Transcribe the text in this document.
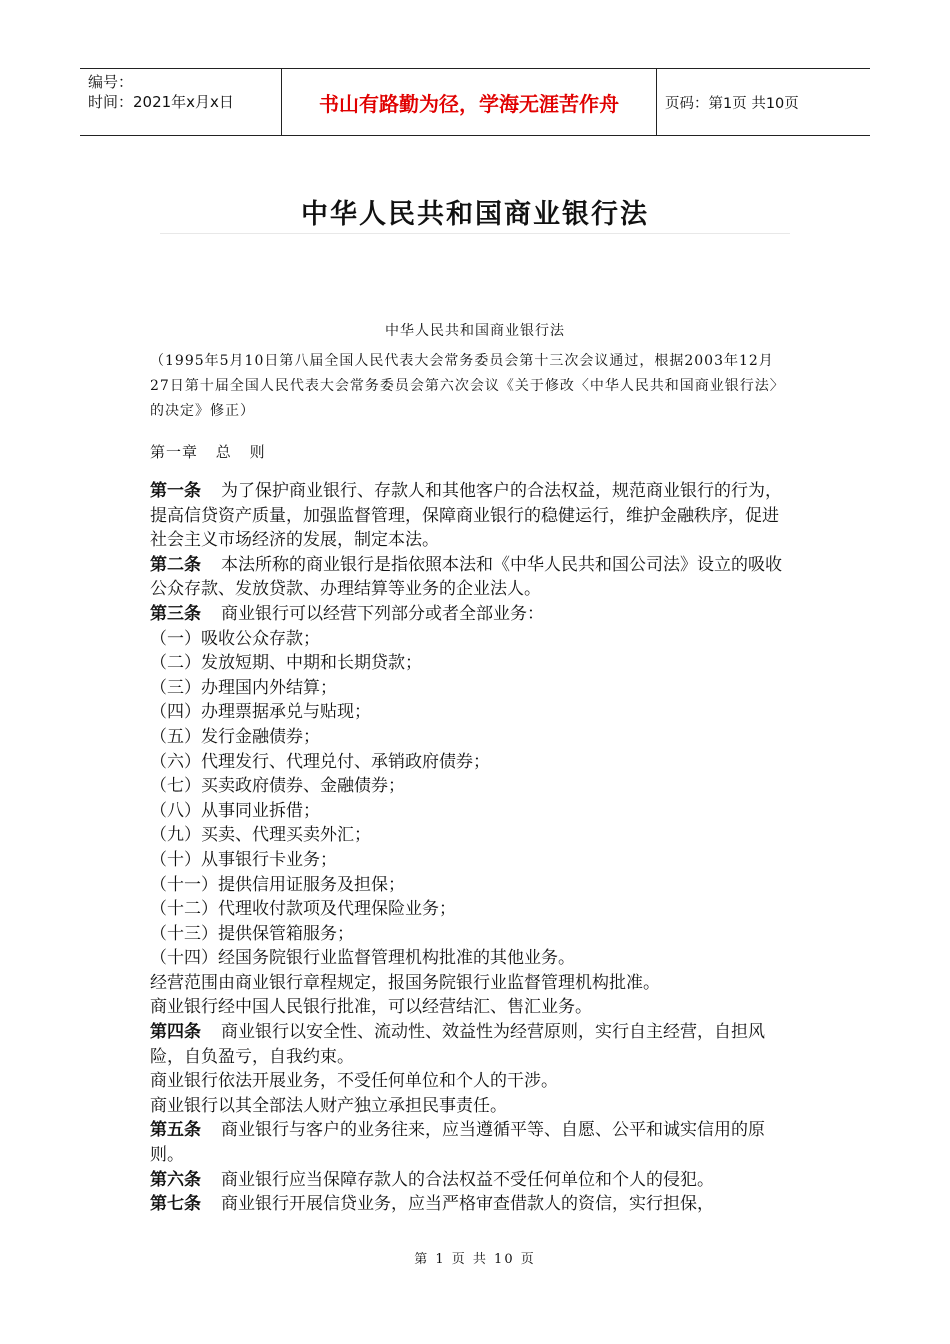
编号：
时间：2021年x月x日	书山有路勤为径，学海无涯苦作舟	页码：第1页 共10页
中华人民共和国商业银行法
中华人民共和国商业银行法
（1995年5月10日第八届全国人民代表大会常务委员会第十三次会议通过，根据2003年12月27日第十届全国人民代表大会常务委员会第六次会议《关于修改〈中华人民共和国商业银行法〉的决定》修正）
第一章 总 则

第一条 为了保护商业银行、存款人和其他客户的合法权益，规范商业银行的行为，提高信贷资产质量，加强监督管理，保障商业银行的稳健运行，维护金融秩序，促进社会主义市场经济的发展，制定本法。

第二条 本法所称的商业银行是指依照本法和《中华人民共和国公司法》设立的吸收公众存款、发放贷款、办理结算等业务的企业法人。

第三条 商业银行可以经营下列部分或者全部业务：

（一）吸收公众存款；

（二）发放短期、中期和长期贷款；

（三）办理国内外结算；

（四）办理票据承兑与贴现；

（五）发行金融债券；

（六）代理发行、代理兑付、承销政府债券；

（七）买卖政府债券、金融债券；

（八）从事同业拆借；

（九）买卖、代理买卖外汇；

（十）从事银行卡业务；

（十一）提供信用证服务及担保；

（十二）代理收付款项及代理保险业务；

（十三）提供保管箱服务；

（十四）经国务院银行业监督管理机构批准的其他业务。

经营范围由商业银行章程规定，报国务院银行业监督管理机构批准。

商业银行经中国人民银行批准，可以经营结汇、售汇业务。

第四条 商业银行以安全性、流动性、效益性为经营原则，实行自主经营，自担风险，自负盈亏，自我约束。

商业银行依法开展业务，不受任何单位和个人的干涉。

商业银行以其全部法人财产独立承担民事责任。

第五条 商业银行与客户的业务往来，应当遵循平等、自愿、公平和诚实信用的原则。

第六条 商业银行应当保障存款人的合法权益不受任何单位和个人的侵犯。

第七条 商业银行开展信贷业务，应当严格审查借款人的资信，实行担保，

第 1 页 共 10 页
